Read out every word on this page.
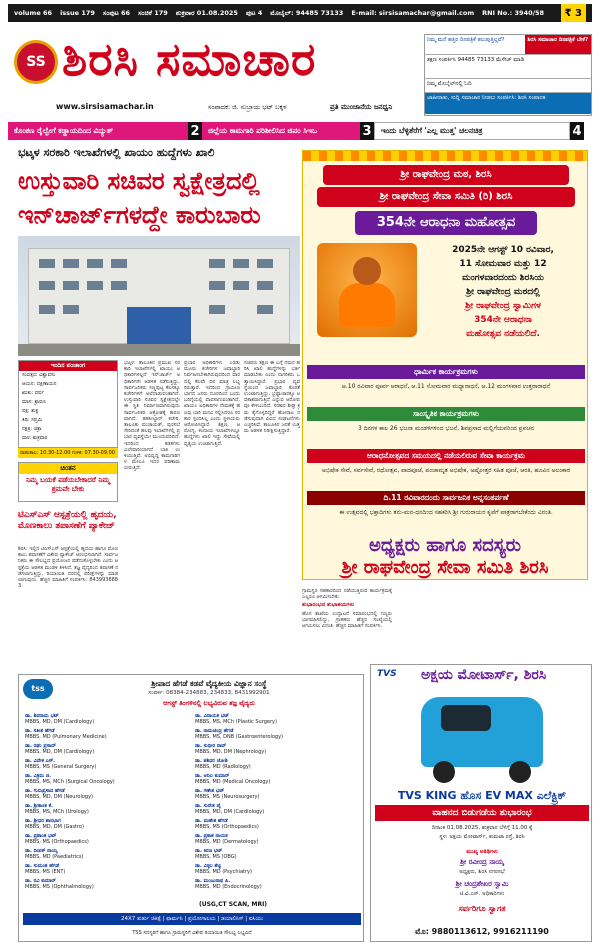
volume 66 issue 179 ಸಂಪುಟ 66 ಸಂಚಿಕೆ 179 ಶುಕ್ರವಾರ 01.08.2025 ಪುಟ 4 ಮೊಬೈಲ್: 94485 73133 E-mail: sirsisamachar@gmail.com RNI No.: 3940/58	₹ 3
SS ಶಿರಸಿ ಸಮಾಚಾರ
www.sirsisamachar.in	ಸಂಪಾದಕ: ಜಿ. ಸುಬ್ರಾಯ ಭಟ್ ಬಕ್ಕಳ	ಪ್ರತಿ ಮುಂಜಾನೆಯ ಜನಧ್ವನಿ
ನಿಮ್ಮ ಮನೆ ಹತ್ತಿರ ದಿನಪತ್ರಿಕೆ ತಲುಪುತ್ತಿಲ್ಲವೆ?	ಶಿರಸಿ ಸಮಾಚಾರ ದಿನಪತ್ರಿಕೆ ಬೇಕೆ?
ತಕ್ಷಣ ಸಂಪರ್ಕಿಸಿ 94485 73133 ಮೆಸೇಜ್ ಮಾಡಿ
ನಿಮ್ಮ ಮೊಬೈಲ್‌ನಲ್ಲಿ ಓದಿ
ಜಾಹೀರಾತು, ಸುದ್ದಿ ಸಮಾಚಾರ ನೀಡಲು ಸಂಪರ್ಕಿಸಿ: ಶಿರಸಿ ಸಂಪಾದಕ
ಕೊಂಕಣ ರೈಲ್ವೇಗೆ ಕಡ್ಡಾಯದಿಂದ ವಿದ್ಯುತ್	2	ಜಿಲ್ಲೆಯ ಕಾಮಗಾರಿ ಪರಿಶೀಲಿಸಿದ ಜಿಪಂ ಸಿಇಒ	3	ಇಂದು ಬೆಳ್ಳಿತೆರೆಗೆ 'ಎಲ್ಲ ಮುತ್ತ' ಚಲನಚಿತ್ರ	4
ಭಟ್ಕಳ ಸರಕಾರಿ ಇಲಾಖೆಗಳಲ್ಲಿ ಖಾಯಂ ಹುದ್ದೆಗಳು ಖಾಲಿ
ಉಸ್ತುವಾರಿ ಸಚಿವರ ಸ್ವಕ್ಷೇತ್ರದಲ್ಲಿ ಇನ್‌ಚಾರ್ಜ್‌ಗಳದ್ದೇ ಕಾರುಬಾರು
ಇಂದಿನ ಪಂಚಾಂಗ
ಸಂವತ್ಸರ: ವಿಶ್ವಾವಸು
ಆಯನ: ದಕ್ಷಿಣಾಯನ
ಋತು: ವರ್ಷ
ಮಾಸ: ಶ್ರಾವಣ
ಪಕ್ಷ: ಶುಕ್ಲ
ತಿಥಿ: ಸಪ್ತಮಿ
ನಕ್ಷತ್ರ: ಚಿತ್ರಾ
ವಾರ: ಶುಕ್ರವಾರ
ರಾಹುಕಾಲ: 10.30-12.00 ಗುಳಿಕ: 07.30-09.00
ಚಿಂತನ
ನಿಮ್ಮ ಬಯಕೆ ಪಡೆಯಬೇಕಾದರೆ ನಿಮ್ಮ ಶ್ರಮವೇ ಬೇಕು
ಟಿಎಸ್‌ಎಸ್ ಆಸ್ಪತ್ರೆಯಲ್ಲಿ ಹೃದಯ, ಮೊಣಕಾಲು ತಪಾಸಣೆಗೆ ಪ್ಯಾಕೇಜ್
ಶಿರಸಿ: ಇಲ್ಲಿನ ಟಿಎಸ್‌ಎಸ್ ಆಸ್ಪತ್ರೆಯಲ್ಲಿ ಹೃದಯ ಹಾಗೂ ಮೊಣಕಾಲು ತಪಾಸಣೆಗೆ ವಿಶೇಷ ಪ್ಯಾಕೇಜ್ ಆರಂಭಿಸಲಾಗಿದೆ. ಸಾರ್ವಜನಿಕರು ಈ ಸೌಲಭ್ಯದ ಪ್ರಯೋಜನ ಪಡೆದುಕೊಳ್ಳಬೇಕು ಎಂದು ಆಸ್ಪತ್ರೆಯ ಆಡಳಿತ ಮಂಡಳಿ ತಿಳಿಸಿದೆ. ತಜ್ಞ ವೈದ್ಯರಿಂದ ತಪಾಸಣೆ ನಡೆಸಲಾಗುತ್ತಿದ್ದು, ರಿಯಾಯಿತಿ ದರದಲ್ಲಿ ಪರೀಕ್ಷೆಗಳನ್ನು ಮಾಡಲಾಗುವುದು. ಹೆಚ್ಚಿನ ಮಾಹಿತಿಗೆ ಸಂಪರ್ಕಿಸಿ: 8439938883
ಭಟ್ಕಳ: ತಾಲೂಕಿನ ಪ್ರಮುಖ ಸರಕಾರಿ ಇಲಾಖೆಗಳಲ್ಲಿ ಖಾಯಂ ಅಧಿಕಾರಿಗಳಿಲ್ಲದೆ ಇನ್‌ಚಾರ್ಜ್ ಅಧಿಕಾರಿಗಳೇ ಆಡಳಿತ ನಡೆಸುತ್ತಿದ್ದು, ಸಾರ್ವಜನಿಕರು ಸಣ್ಣಪುಟ್ಟ ಕೆಲಸಕ್ಕೂ ಕಚೇರಿಗಳಿಗೆ ಅಲೆದಾಡುವಂತಾಗಿದೆ. ಉಸ್ತುವಾರಿ ಸಚಿವರ ಸ್ವಕ್ಷೇತ್ರದಲ್ಲೇ ಈ ಸ್ಥಿತಿ ನಿರ್ಮಾಣವಾಗಿರುವುದು ಸಾರ್ವಜನಿಕರ ಆಕ್ರೋಶಕ್ಕೆ ಕಾರಣವಾಗಿದೆ. ತಹಸೀಲ್ದಾರ್ ಕಚೇರಿ, ತಾಲೂಕು ಪಂಚಾಯತ್, ಪುರಸಭೆ ಸೇರಿದಂತೆ ಹಲವು ಇಲಾಖೆಗಳಲ್ಲಿ ಪ್ರಭಾರ ವ್ಯವಸ್ಥೆಯೇ ಮುಂದುವರಿದಿದೆ. ಇದರಿಂದ ಕಡತಗಳು ವಿಲೇವಾರಿಯಾಗದೆ ಬಾಕಿ ಉಳಿಯುತ್ತಿವೆ. ಅಭಿವೃದ್ಧಿ ಕಾಮಗಾರಿಗಳ ಮೇಲೂ ಇದರ ಪರಿಣಾಮ ಬೀರುತ್ತಿದೆ.
ಪ್ರಭಾರ ಅಧಿಕಾರಿಗಳು ಎರಡು ಮೂರು ಕಚೇರಿಗಳ ಜವಾಬ್ದಾರಿ ನಿರ್ವಹಿಸಬೇಕಾಗಿರುವುದರಿಂದ ವಾರದಲ್ಲಿ ಕೆಲವೇ ದಿನ ಮಾತ್ರ ಲಭ್ಯರಿರುತ್ತಾರೆ. ಇದರಿಂದ ಗ್ರಾಮೀಣ ಭಾಗದ ಜನರು ದೂರದಿಂದ ಬಂದು ಬರಿಗೈಯಲ್ಲಿ ವಾಪಸಾಗುವಂತಾಗಿದೆ. ಖಾಯಂ ಅಧಿಕಾರಿಗಳ ನೇಮಕಕ್ಕೆ ಹಲವು ಬಾರಿ ಮನವಿ ಸಲ್ಲಿಸಿದರೂ ಸರಕಾರ ಸ್ಪಂದಿಸಿಲ್ಲ ಎಂದು ಸ್ಥಳೀಯರು ಆರೋಪಿಸಿದ್ದಾರೆ. ಶಿಕ್ಷಣ, ಆರೋಗ್ಯ, ಕಂದಾಯ ಇಲಾಖೆಗಳಲ್ಲೂ ಹುದ್ದೆಗಳು ಖಾಲಿ ಇದ್ದು ಸೇವೆಯಲ್ಲಿ ವ್ಯತ್ಯಯ ಉಂಟಾಗುತ್ತಿದೆ.
ಸಚಿವರು ತಕ್ಷಣ ಈ ಬಗ್ಗೆ ಗಮನ ಹರಿಸಿ ಖಾಲಿ ಹುದ್ದೆಗಳನ್ನು ಭರ್ತಿ ಮಾಡಬೇಕು ಎಂದು ನಾಗರಿಕರು ಒತ್ತಾಯಿಸಿದ್ದಾರೆ. ಪ್ರಭಾರ ವ್ಯವಸ್ಥೆಯಿಂದ ಜವಾಬ್ದಾರಿ ಕೊರತೆ ಉಂಟಾಗುತ್ತಿದ್ದು, ಭ್ರಷ್ಟಾಚಾರಕ್ಕೂ ಅವಕಾಶವಾಗುತ್ತಿದೆ ಎನ್ನುವ ಆರೋಪವೂ ಕೇಳಿಬಂದಿದೆ. ಸರಕಾರ ಶೀಘ್ರ ಕ್ರಮ ಕೈಗೊಳ್ಳದಿದ್ದರೆ ಹೋರಾಟ ನಡೆಸುವುದಾಗಿ ವಿವಿಧ ಸಂಘಟನೆಗಳು ಎಚ್ಚರಿಸಿವೆ. ತಾಲೂಕಿನ ಜನತೆ ಉತ್ತಮ ಆಡಳಿತ ನಿರೀಕ್ಷಿಸುತ್ತಿದ್ದಾರೆ.
ಶ್ರೀ ರಾಘವೇಂದ್ರ ಮಠ, ಶಿರಸಿ
ಶ್ರೀ ರಾಘವೇಂದ್ರ ಸೇವಾ ಸಮಿತಿ (ರಿ) ಶಿರಸಿ
354ನೇ ಆರಾಧನಾ ಮಹೋತ್ಸವ
2025ನೇ ಆಗಸ್ಟ್ 10 ರವಿವಾರ,
11 ಸೋಮವಾರ ಮತ್ತು 12
ಮಂಗಳವಾರದಂದು ಶಿರಸಿಯ
ಶ್ರೀ ರಾಘವೇಂದ್ರ ಮಠದಲ್ಲಿ
ಶ್ರೀ ರಾಘವೇಂದ್ರ ಸ್ವಾಮಿಗಳ
354ನೇ ಆರಾಧನಾ
ಮಹೋತ್ಸವ ನಡೆಯಲಿದೆ.
ಧಾರ್ಮಿಕ ಕಾರ್ಯಕ್ರಮಗಳು
ಆ.10 ರವಿವಾರ ಪೂರ್ವ ಆರಾಧನೆ, ಆ.11 ಸೋಮವಾರ ಮಧ್ಯಾರಾಧನೆ, ಆ.12 ಮಂಗಳವಾರ ಉತ್ತರಾರಾಧನೆ
ಸಾಂಸ್ಕೃತಿಕ ಕಾರ್ಯಕ್ರಮಗಳು
3 ದಿನಗಳ ಕಾಲ 26 ಭಜನಾ ಮಂಡಳಿಗಳಿಂದ ಭಜನೆ, ಶಿವಪ್ರಸಾದ ಮಲ್ಲಿಗೆಯವರಿಂದ ಪ್ರವಚನ
ಆರಾಧನೋತ್ಸವದ ಸಮಯದಲ್ಲಿ ನಡೆಯಲಿರುವ ಸೇವಾ ಕಾರ್ಯಕ್ರಮ
ಅಭಿಷೇಕ ಸೇವೆ, ಸರ್ವಸೇವೆ, ರಥೋತ್ಸವ, ಪಾದಪೂಜೆ, ಪಂಚಾಮೃತ ಅಭಿಷೇಕ, ಅಷ್ಟೋತ್ತರ ಸಹಿತ ಪೂಜೆ, ಆರತಿ, ಹೂವಿನ ಅಲಂಕಾರ
ದಿ.11 ರವಿವಾರದಂದು ಸಾರ್ವಜನಿಕ ಅನ್ನಸಂತರ್ಪಣೆ
ಈ ಉತ್ಸವದಲ್ಲಿ ಭಕ್ತಾದಿಗಳು ತನು-ಮನ-ಧನದಿಂದ ಸಹಕರಿಸಿ ಶ್ರೀ ಗುರುರಾಯರ ಕೃಪೆಗೆ ಪಾತ್ರರಾಗಬೇಕೆಂದು ವಿನಂತಿ.
ಅಧ್ಯಕ್ಷರು ಹಾಗೂ ಸದಸ್ಯರು
ಶ್ರೀ ರಾಘವೇಂದ್ರ ಸೇವಾ ಸಮಿತಿ ಶಿರಸಿ
ಗ್ರಾಮಸ್ಥರ ಸಹಕಾರದಿಂದ ನಡೆಯುತ್ತಿರುವ ಕಾರ್ಯಕ್ರಮಕ್ಕೆ ಎಲ್ಲರೂ ಆಗಮಿಸಬೇಕು
ಶುಭಾರಂಭದ ಶುಭಾಶಯಗಳು
ಹೊಸ ಶಾಖೆಯ ಉದ್ಘಾಟನೆ ಸಮಾರಂಭದಲ್ಲಿ ಗಣ್ಯರು ಭಾಗವಹಿಸಲಿದ್ದು, ಗ್ರಾಹಕರು ಹೆಚ್ಚಿನ ಸಂಖ್ಯೆಯಲ್ಲಿ ಆಗಮಿಸಲು ವಿನಂತಿ. ಹೆಚ್ಚಿನ ಮಾಹಿತಿಗೆ ಸಂಪರ್ಕಿಸಿ.
TVS ಅಕ್ಷಯ ಮೋಟಾರ್ಸ್, ಶಿರಸಿ
TVS KING ಹೊಸ EV MAX ಎಲೆಕ್ಟ್ರಿಕ್
ವಾಹನದ ಬಿಡುಗಡೆಯ ಶುಭಾರಂಭ
ದಿನಾಂಕ 01.08.2025, ಶುಕ್ರವಾರ ಬೆಳಿಗ್ಗೆ 11.00 ಕ್ಕೆ
ಸ್ಥಳ: ಅಕ್ಷಯ ಮೋಟಾರ್ಸ್, ಕುಮಟಾ ರಸ್ತೆ, ಶಿರಸಿ
ಮುಖ್ಯ ಅತಿಥಿಗಳು
ಶ್ರೀ ರವೀಂದ್ರ ನಾಯ್ಕ
ಅಧ್ಯಕ್ಷರು, ಶಿರಸಿ ನಗರಸಭೆ
ಶ್ರೀ ಚಂದ್ರಶೇಖರ ಸ್ವಾಮಿ
ಟಿ.ವಿ.ಎಸ್. ಅಧಿಕಾರಿಗಳು
ಸರ್ವರಿಗೂ ಸ್ವಾಗತ
ಮೊ: 9880113612, 9916211190
tss
ಶ್ರೀಪಾದ ಹೆಗಡೆ ಕಡವೆ ವೈದ್ಯಕೀಯ ವಿಜ್ಞಾನ ಸಂಸ್ಥೆ
ಸಂಪರ್ಕ: 08384-234883, 234833, 8431992901
ಆಗಸ್ಟ್ ತಿಂಗಳಿನಲ್ಲಿ ಲಭ್ಯವಿರುವ ತಜ್ಞ ವೈದ್ಯರು
ಡಾ. ಶಿವರಾಮ ಭಟ್
MBBS, MD, DM (Cardiology)
ಡಾ. ಸತೀಶ ಹೆಗಡೆ
MBBS, MD (Pulmonary Medicine)
ಡಾ. ರಘು ಪ್ರಸಾದ್
MBBS, MD, DM (Cardiology)
ಡಾ. ವಿವೇಕ ಎಸ್.
MBBS, MS (General Surgery)
ಡಾ. ವಿಕ್ರಮ ಜಿ.
MBBS, MS, MCh (Surgical Oncology)
ಡಾ. ಗುರುಪ್ರಸಾದ ಹೆಗಡೆ
MBBS, MD, DM (Neurology)
ಡಾ. ಶ್ರೀಕಾಂತ ಕೆ.
MBBS, MS, MCh (Urology)
ಡಾ. ಶ್ರೀಧರ ಶಾನಭಾಗ
MBBS, MD, DM (Gastro)
ಡಾ. ಪ್ರಶಾಂತ ಭಟ್
MBBS, MS (Orthopaedics)
ಡಾ. ದೀಪಕ್ ನಾಯ್ಕ
MBBS, MD (Paediatrics)
ಡಾ. ಸುಮಂತ ಹೆಗಡೆ
MBBS, MS (ENT)
ಡಾ. ರವಿ ಕುಮಾರ್
MBBS, MS (Ophthalmology)
ಡಾ. ವಿನಾಯಕ ಭಟ್
MBBS, MS, MCh (Plastic Surgery)
ಡಾ. ರಾಮಚಂದ್ರ ಹೆಗಡೆ
MBBS, MS, DNB (Gastroenterology)
ಡಾ. ಸುಧೀರ ರಾವ್
MBBS, MD, DM (Nephrology)
ಡಾ. ಶಶಿಧರ ಜೋಶಿ
MBBS, MD (Radiology)
ಡಾ. ಅನಿಲ ಕುಮಾರ್
MBBS, MD (Medical Oncology)
ಡಾ. ಗಣೇಶ ಭಟ್
MBBS, MS (Neurosurgery)
ಡಾ. ಸುರೇಶ ಪೈ
MBBS, MD, DM (Cardiology)
ಡಾ. ಮಹೇಶ ಹೆಗಡೆ
MBBS, MS (Orthopaedics)
ಡಾ. ಪ್ರಕಾಶ ನಾಯಕ
MBBS, MD (Dermatology)
ಡಾ. ಕಿರಣ ಭಟ್
MBBS, MS (OBG)
ಡಾ. ವಿಠ್ಠಲ ಶೆಟ್ಟಿ
MBBS, MD (Psychiatry)
ಡಾ. ಮಂಜುನಾಥ ಪಿ.
MBBS, MD (Endocrinology)
(USG,CT SCAN, MRI)
24X7 ತುರ್ತು ಚಿಕಿತ್ಸೆ | ಫಾರ್ಮಸಿ | ಪ್ರಯೋಗಾಲಯ | ಡಯಾಲಿಸಿಸ್ | ಐಸಿಯು
TSS ಸದಸ್ಯರಿಗೆ ಹಾಗೂ ಗ್ರಾಮಸ್ಥರಿಗೆ ವಿಶೇಷ ರಿಯಾಯಿತಿ ಸೌಲಭ್ಯ ಲಭ್ಯವಿದೆ
